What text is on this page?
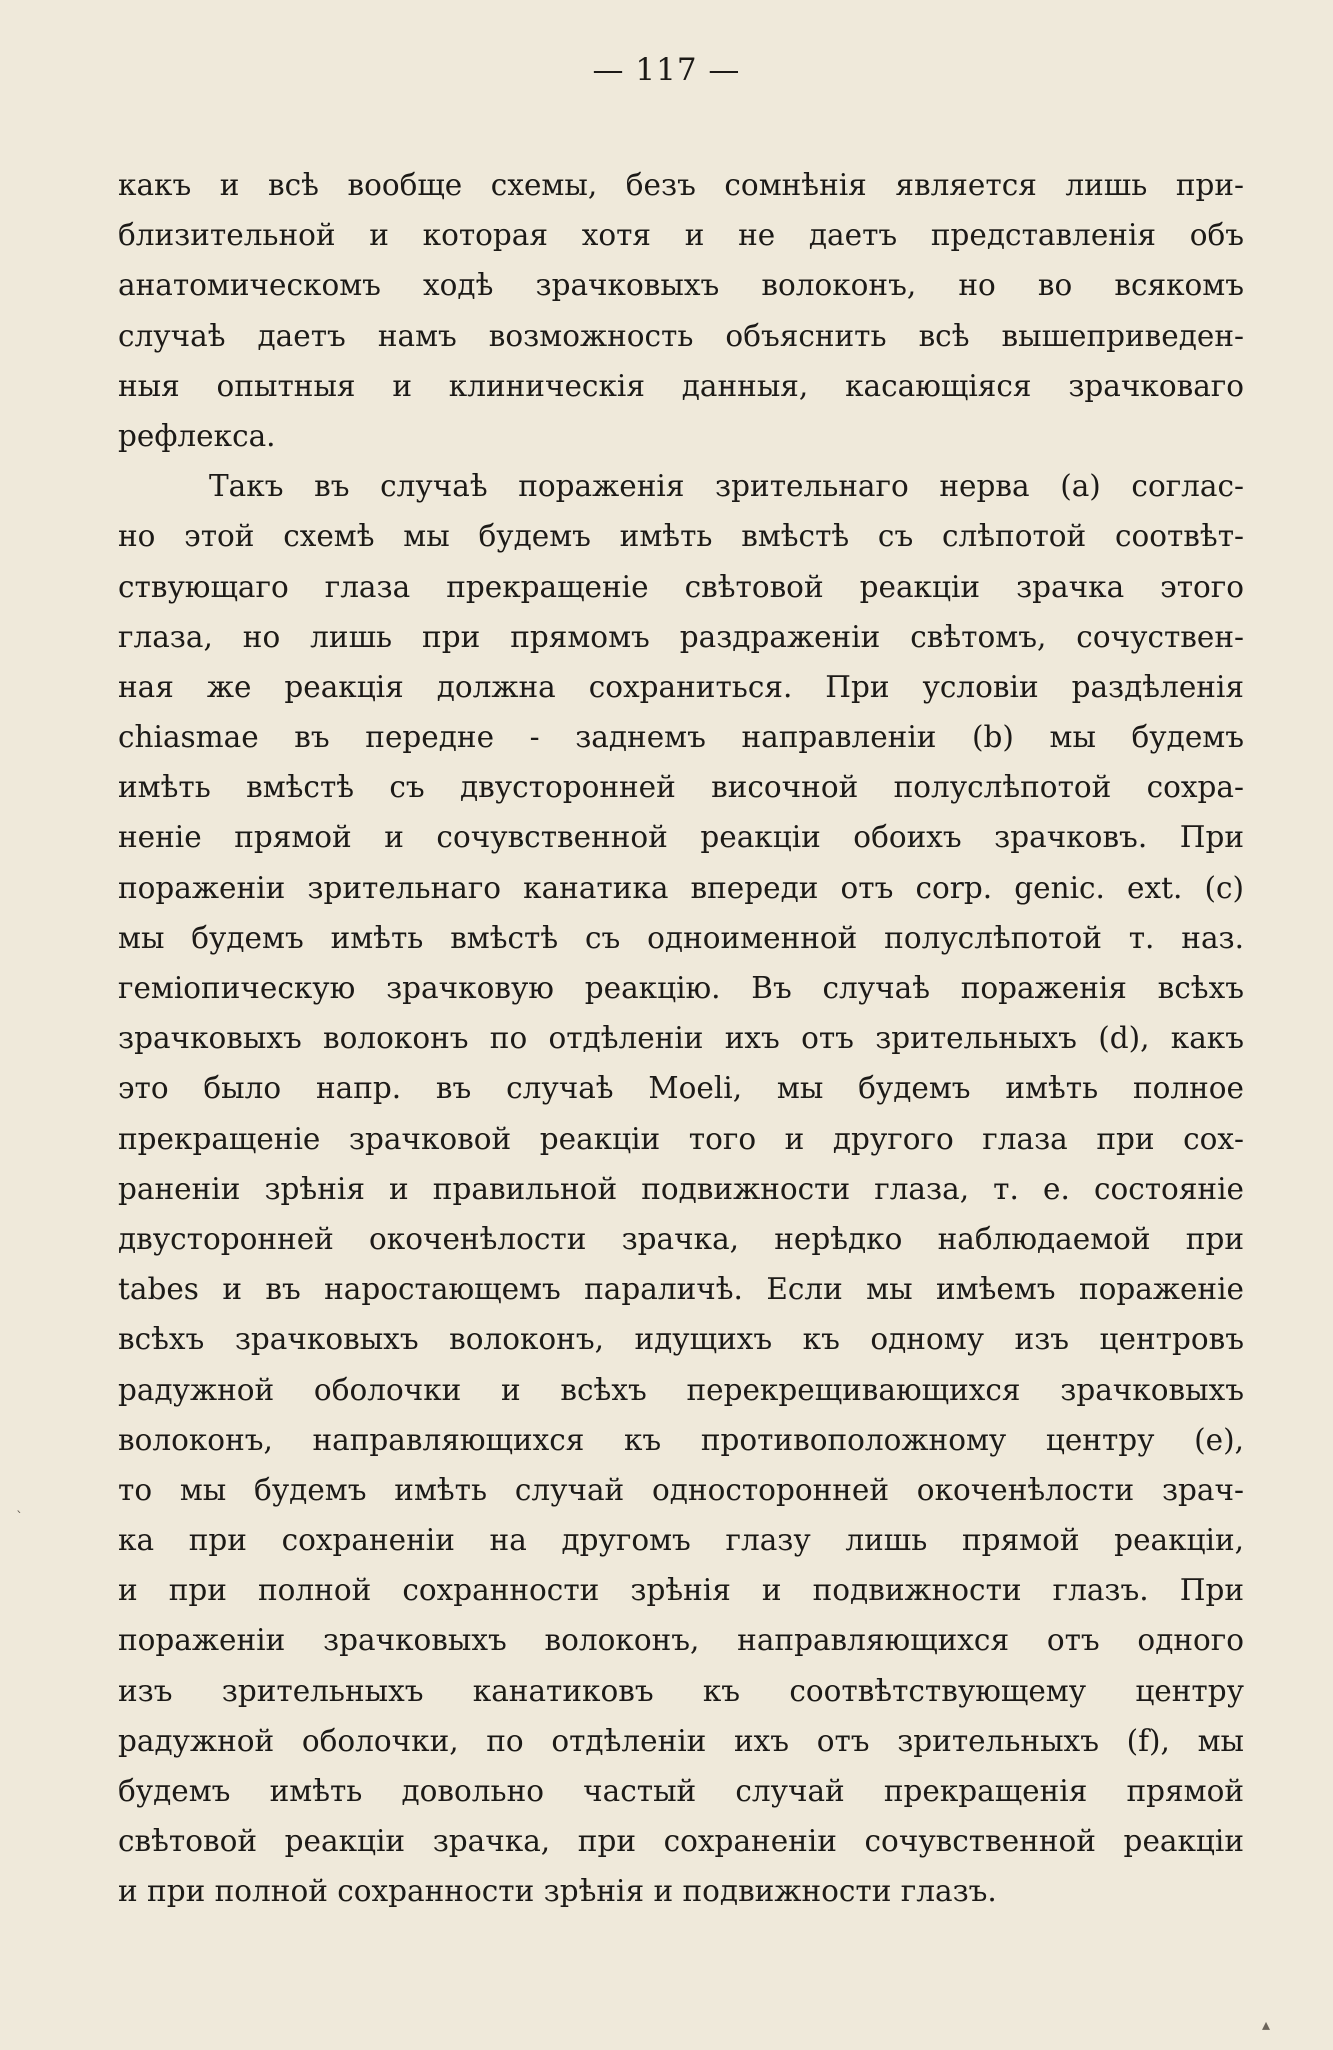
— 117 —
какъ и всѣ вообще схемы, безъ сомнѣнія является лишь при-
близительной и которая хотя и не даетъ представленія объ
анатомическомъ ходѣ зрачковыхъ волоконъ, но во всякомъ
случаѣ даетъ намъ возможность объяснить всѣ вышеприведен-
ныя опытныя и клиническія данныя, касающіяся зрачковаго
рефлекса.
Такъ въ случаѣ пораженія зрительнаго нерва (a) соглас-
но этой схемѣ мы будемъ имѣть вмѣстѣ съ слѣпотой соотвѣт-
ствующаго глаза прекращеніе свѣтовой реакціи зрачка этого
глаза, но лишь при прямомъ раздраженіи свѣтомъ, сочуствен-
ная же реакція должна сохраниться. При условіи раздѣленія
chiasmae въ передне - заднемъ направленіи (b) мы будемъ
имѣть вмѣстѣ съ двусторонней височной полуслѣпотой сохра-
неніе прямой и сочувственной реакціи обоихъ зрачковъ. При
пораженіи зрительнаго канатика впереди отъ corp. genic. ext. (c)
мы будемъ имѣть вмѣстѣ съ одноименной полуслѣпотой т. наз.
геміопическую зрачковую реакцію. Въ случаѣ пораженія всѣхъ
зрачковыхъ волоконъ по отдѣленіи ихъ отъ зрительныхъ (d), какъ
это было напр. въ случаѣ Moeli, мы будемъ имѣть полное
прекращеніе зрачковой реакціи того и другого глаза при сох-
раненіи зрѣнія и правильной подвижности глаза, т. е. состояніе
двусторонней окоченѣлости зрачка, нерѣдко наблюдаемой при
tabes и въ наростающемъ параличѣ. Если мы имѣемъ пораженіе
всѣхъ зрачковыхъ волоконъ, идущихъ къ одному изъ центровъ
радужной оболочки и всѣхъ перекрещивающихся зрачковыхъ
волоконъ, направляющихся къ противоположному центру (e),
то мы будемъ имѣть случай односторонней окоченѣлости зрач-
ка при сохраненіи на другомъ глазу лишь прямой реакціи,
и при полной сохранности зрѣнія и подвижности глазъ. При
пораженіи зрачковыхъ волоконъ, направляющихся отъ одного
изъ зрительныхъ канатиковъ къ соотвѣтствующему центру
радужной оболочки, по отдѣленіи ихъ отъ зрительныхъ (f), мы
будемъ имѣть довольно частый случай прекращенія прямой
свѣтовой реакціи зрачка, при сохраненіи сочувственной реакціи
и при полной сохранности зрѣнія и подвижности глазъ.
ˋ
▴
